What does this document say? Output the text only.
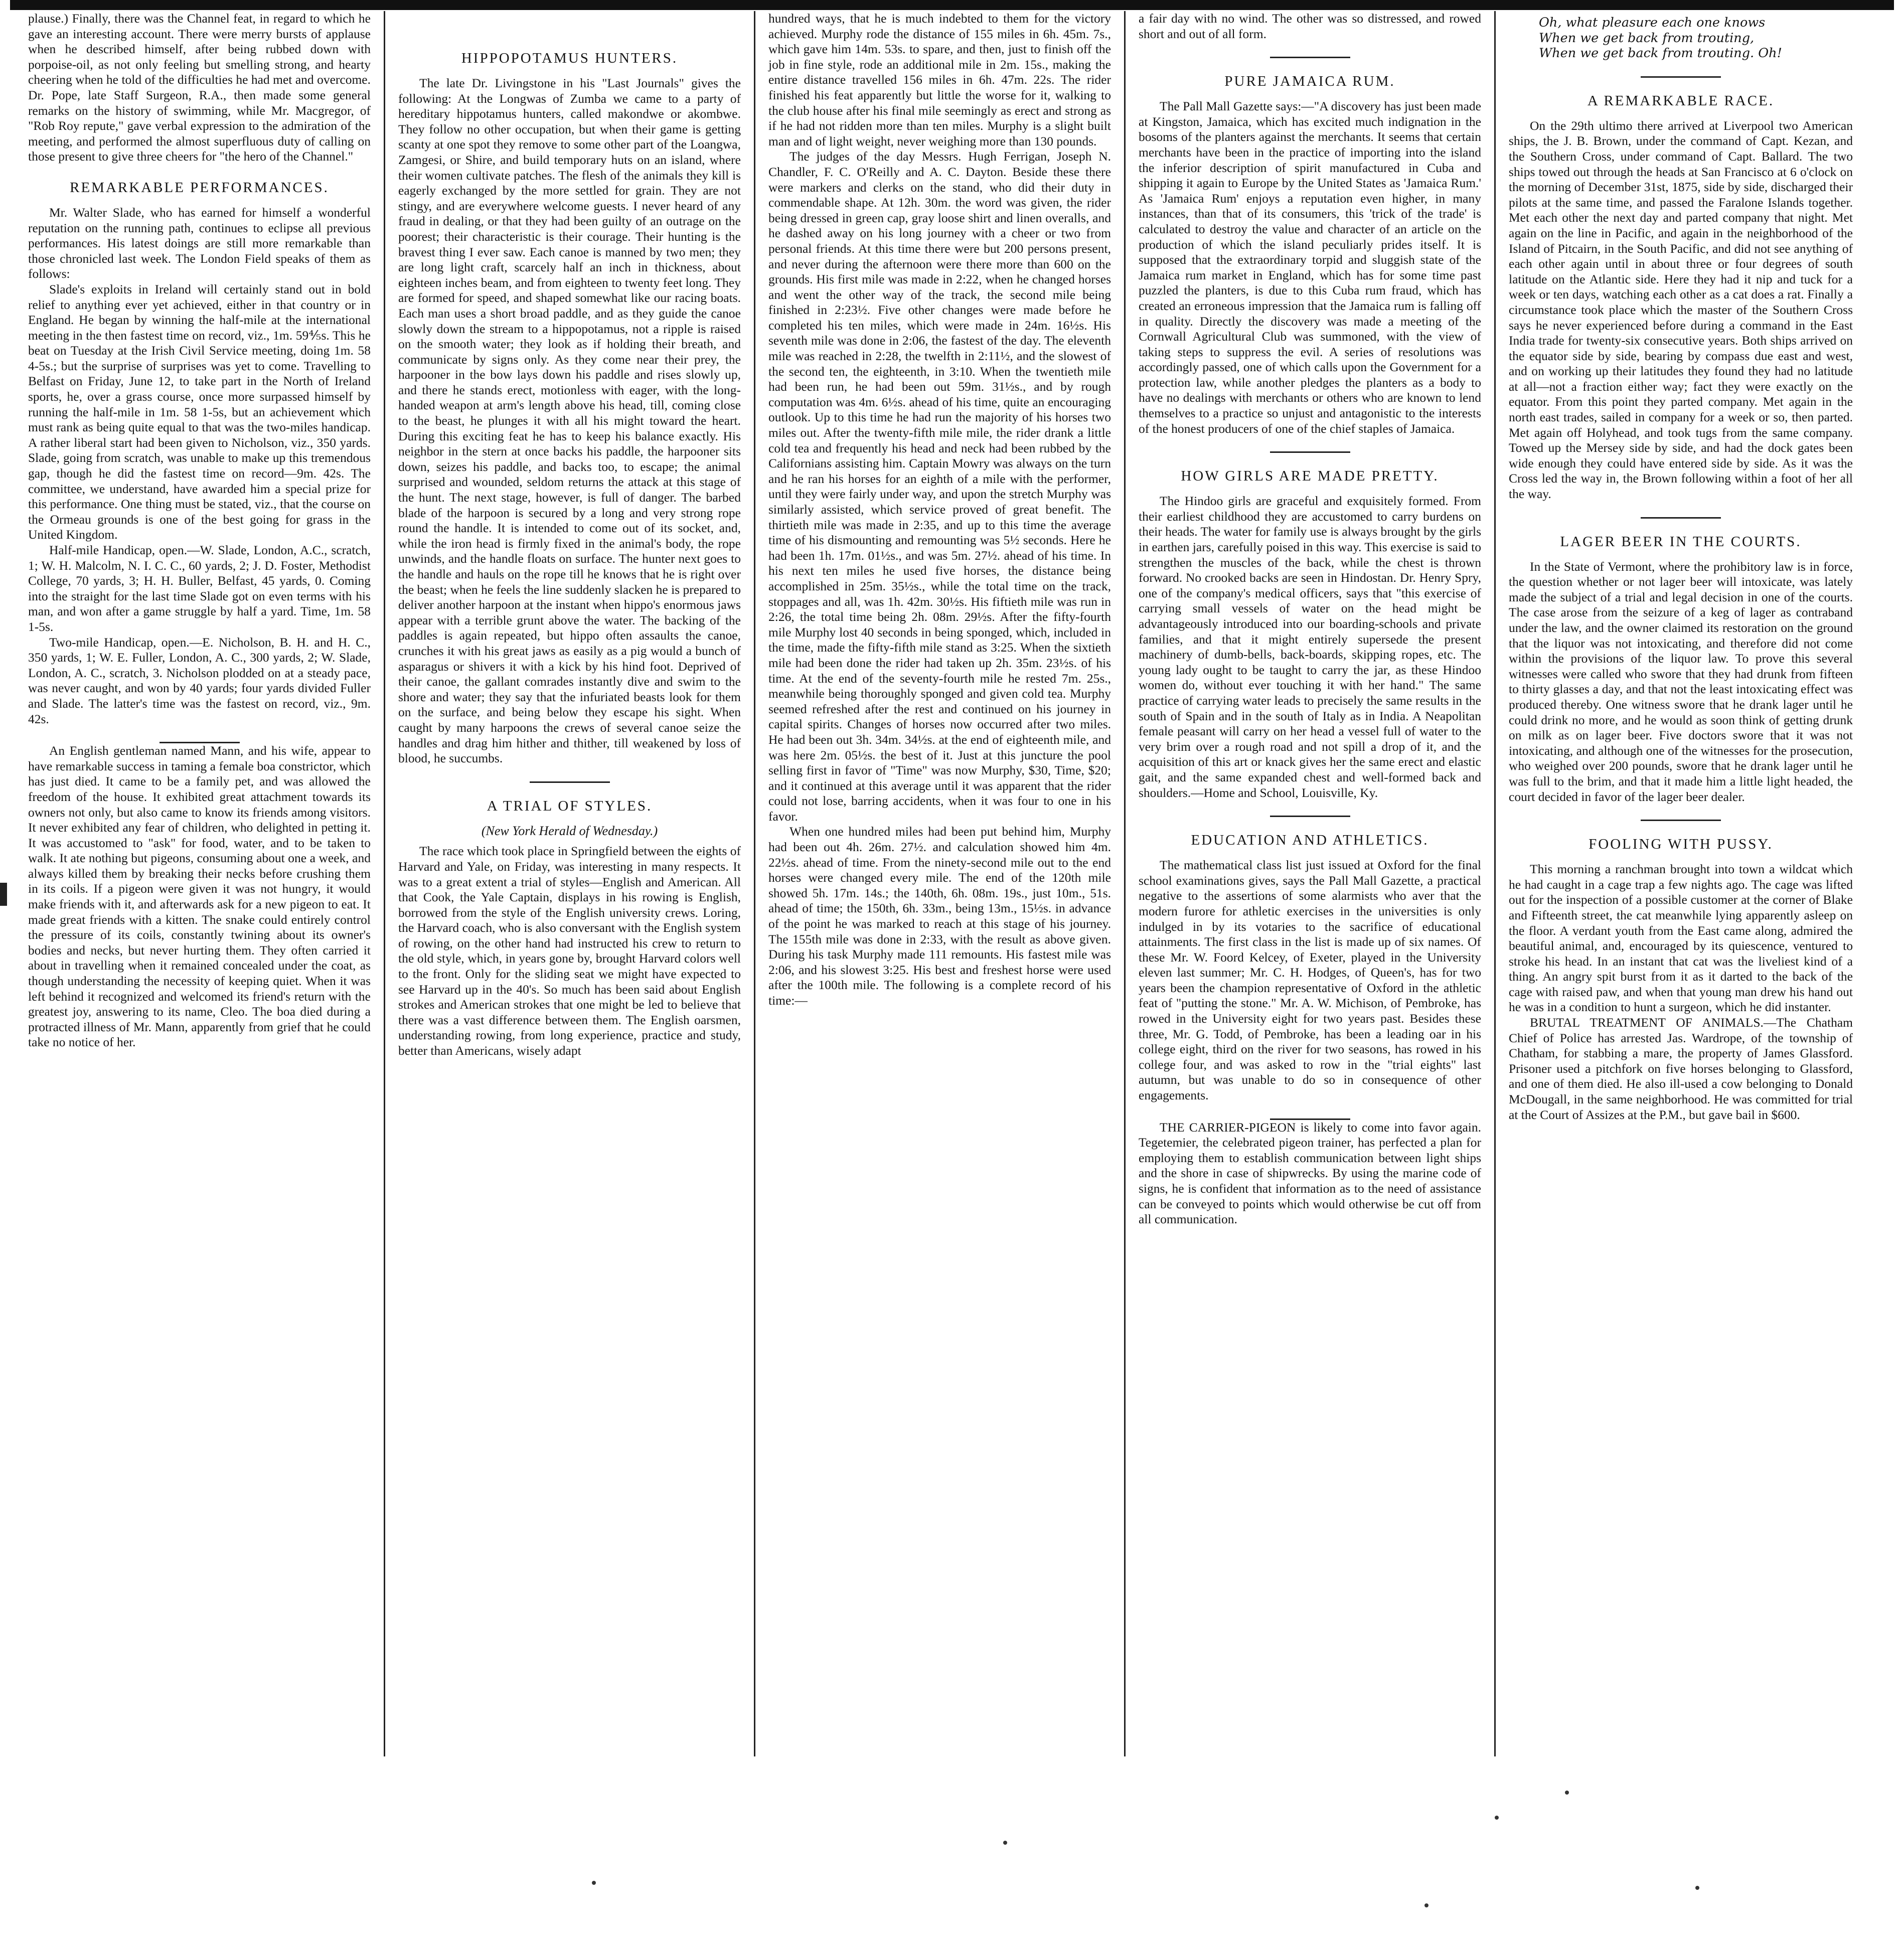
plause.) Finally, there was the Channel feat, in regard to which he gave an interesting account. There were merry bursts of applause when he described himself, after being rubbed down with porpoise-oil, as not only feeling but smelling strong, and hearty cheering when he told of the difficulties he had met and overcome. Dr. Pope, late Staff Surgeon, R.A., then made some general remarks on the history of swimming, while Mr. Macgregor, of "Rob Roy repute," gave verbal expression to the admiration of the meeting, and performed the almost superfluous duty of calling on those present to give three cheers for "the hero of the Channel."

REMARKABLE PERFORMANCES.

Mr. Walter Slade, who has earned for himself a wonderful reputation on the running path, continues to eclipse all previous performances. His latest doings are still more remarkable than those chronicled last week. The London Field speaks of them as follows:

Slade's exploits in Ireland will certainly stand out in bold relief to anything ever yet achieved, either in that country or in England. He began by winning the half-mile at the international meeting in the then fastest time on record, viz., 1m. 59⅘s. This he beat on Tuesday at the Irish Civil Service meeting, doing 1m. 58 4-5s.; but the surprise of surprises was yet to come. Travelling to Belfast on Friday, June 12, to take part in the North of Ireland sports, he, over a grass course, once more surpassed himself by running the half-mile in 1m. 58 1-5s, but an achievement which must rank as being quite equal to that was the two-miles handicap. A rather liberal start had been given to Nicholson, viz., 350 yards. Slade, going from scratch, was unable to make up this tremendous gap, though he did the fastest time on record—9m. 42s. The committee, we understand, have awarded him a special prize for this performance. One thing must be stated, viz., that the course on the Ormeau grounds is one of the best going for grass in the United Kingdom.

Half-mile Handicap, open.—W. Slade, London, A.C., scratch, 1; W. H. Malcolm, N. I. C. C., 60 yards, 2; J. D. Foster, Methodist College, 70 yards, 3; H. H. Buller, Belfast, 45 yards, 0. Coming into the straight for the last time Slade got on even terms with his man, and won after a game struggle by half a yard. Time, 1m. 58 1-5s.

Two-mile Handicap, open.—E. Nicholson, B. H. and H. C., 350 yards, 1; W. E. Fuller, London, A. C., 300 yards, 2; W. Slade, London, A. C., scratch, 3. Nicholson plodded on at a steady pace, was never caught, and won by 40 yards; four yards divided Fuller and Slade. The latter's time was the fastest on record, viz., 9m. 42s.

An English gentleman named Mann, and his wife, appear to have remarkable success in taming a female boa constrictor, which has just died. It came to be a family pet, and was allowed the freedom of the house. It exhibited great attachment towards its owners not only, but also came to know its friends among visitors. It never exhibited any fear of children, who delighted in petting it. It was accustomed to "ask" for food, water, and to be taken to walk. It ate nothing but pigeons, consuming about one a week, and always killed them by breaking their necks before crushing them in its coils. If a pigeon were given it was not hungry, it would make friends with it, and afterwards ask for a new pigeon to eat. It made great friends with a kitten. The snake could entirely control the pressure of its coils, constantly twining about its owner's bodies and necks, but never hurting them. They often carried it about in travelling when it remained concealed under the coat, as though understanding the necessity of keeping quiet. When it was left behind it recognized and welcomed its friend's return with the greatest joy, answering to its name, Cleo. The boa died during a protracted illness of Mr. Mann, apparently from grief that he could take no notice of her.

HIPPOPOTAMUS HUNTERS.

The late Dr. Livingstone in his "Last Journals" gives the following: At the Longwas of Zumba we came to a party of hereditary hippotamus hunters, called makondwe or akombwe. They follow no other occupation, but when their game is getting scanty at one spot they remove to some other part of the Loangwa, Zamgesi, or Shire, and build temporary huts on an island, where their women cultivate patches. The flesh of the animals they kill is eagerly exchanged by the more settled for grain. They are not stingy, and are everywhere welcome guests. I never heard of any fraud in dealing, or that they had been guilty of an outrage on the poorest; their characteristic is their courage. Their hunting is the bravest thing I ever saw. Each canoe is manned by two men; they are long light craft, scarcely half an inch in thickness, about eighteen inches beam, and from eighteen to twenty feet long. They are formed for speed, and shaped somewhat like our racing boats. Each man uses a short broad paddle, and as they guide the canoe slowly down the stream to a hippopotamus, not a ripple is raised on the smooth water; they look as if holding their breath, and communicate by signs only. As they come near their prey, the harpooner in the bow lays down his paddle and rises slowly up, and there he stands erect, motionless with eager, with the long-handed weapon at arm's length above his head, till, coming close to the beast, he plunges it with all his might toward the heart. During this exciting feat he has to keep his balance exactly. His neighbor in the stern at once backs his paddle, the harpooner sits down, seizes his paddle, and backs too, to escape; the animal surprised and wounded, seldom returns the attack at this stage of the hunt. The next stage, however, is full of danger. The barbed blade of the harpoon is secured by a long and very strong rope round the handle. It is intended to come out of its socket, and, while the iron head is firmly fixed in the animal's body, the rope unwinds, and the handle floats on surface. The hunter next goes to the handle and hauls on the rope till he knows that he is right over the beast; when he feels the line suddenly slacken he is prepared to deliver another harpoon at the instant when hippo's enormous jaws appear with a terrible grunt above the water. The backing of the paddles is again repeated, but hippo often assaults the canoe, crunches it with his great jaws as easily as a pig would a bunch of asparagus or shivers it with a kick by his hind foot. Deprived of their canoe, the gallant comrades instantly dive and swim to the shore and water; they say that the infuriated beasts look for them on the surface, and being below they escape his sight. When caught by many harpoons the crews of several canoe seize the handles and drag him hither and thither, till weakened by loss of blood, he succumbs.

A TRIAL OF STYLES.

(New York Herald of Wednesday.)

The race which took place in Springfield between the eights of Harvard and Yale, on Friday, was interesting in many respects. It was to a great extent a trial of styles—English and American. All that Cook, the Yale Captain, displays in his rowing is English, borrowed from the style of the English university crews. Loring, the Harvard coach, who is also conversant with the English system of rowing, on the other hand had instructed his crew to return to the old style, which, in years gone by, brought Harvard colors well to the front. Only for the sliding seat we might have expected to see Harvard up in the 40's. So much has been said about English strokes and American strokes that one might be led to believe that there was a vast difference between them. The English oarsmen, understanding rowing, from long experience, practice and study, better than Americans, wisely adapt

hundred ways, that he is much indebted to them for the victory achieved. Murphy rode the distance of 155 miles in 6h. 45m. 7s., which gave him 14m. 53s. to spare, and then, just to finish off the job in fine style, rode an additional mile in 2m. 15s., making the entire distance travelled 156 miles in 6h. 47m. 22s. The rider finished his feat apparently but little the worse for it, walking to the club house after his final mile seemingly as erect and strong as if he had not ridden more than ten miles. Murphy is a slight built man and of light weight, never weighing more than 130 pounds.

The judges of the day Messrs. Hugh Ferrigan, Joseph N. Chandler, F. C. O'Reilly and A. C. Dayton. Beside these there were markers and clerks on the stand, who did their duty in commendable shape. At 12h. 30m. the word was given, the rider being dressed in green cap, gray loose shirt and linen overalls, and he dashed away on his long journey with a cheer or two from personal friends. At this time there were but 200 persons present, and never during the afternoon were there more than 600 on the grounds. His first mile was made in 2:22, when he changed horses and went the other way of the track, the second mile being finished in 2:23½. Five other changes were made before he completed his ten miles, which were made in 24m. 16½s. His seventh mile was done in 2:06, the fastest of the day. The eleventh mile was reached in 2:28, the twelfth in 2:11½, and the slowest of the second ten, the eighteenth, in 3:10. When the twentieth mile had been run, he had been out 59m. 31½s., and by rough computation was 4m. 6½s. ahead of his time, quite an encouraging outlook. Up to this time he had run the majority of his horses two miles out. After the twenty-fifth mile mile, the rider drank a little cold tea and frequently his head and neck had been rubbed by the Californians assisting him. Captain Mowry was always on the turn and he ran his horses for an eighth of a mile with the performer, until they were fairly under way, and upon the stretch Murphy was similarly assisted, which service proved of great benefit. The thirtieth mile was made in 2:35, and up to this time the average time of his dismounting and remounting was 5½ seconds. Here he had been 1h. 17m. 01½s., and was 5m. 27½. ahead of his time. In his next ten miles he used five horses, the distance being accomplished in 25m. 35½s., while the total time on the track, stoppages and all, was 1h. 42m. 30½s. His fiftieth mile was run in 2:26, the total time being 2h. 08m. 29½s. After the fifty-fourth mile Murphy lost 40 seconds in being sponged, which, included in the time, made the fifty-fifth mile stand as 3:25. When the sixtieth mile had been done the rider had taken up 2h. 35m. 23½s. of his time. At the end of the seventy-fourth mile he rested 7m. 25s., meanwhile being thoroughly sponged and given cold tea. Murphy seemed refreshed after the rest and continued on his journey in capital spirits. Changes of horses now occurred after two miles. He had been out 3h. 34m. 34½s. at the end of eighteenth mile, and was here 2m. 05½s. the best of it. Just at this juncture the pool selling first in favor of "Time" was now Murphy, $30, Time, $20; and it continued at this average until it was apparent that the rider could not lose, barring accidents, when it was four to one in his favor.

When one hundred miles had been put behind him, Murphy had been out 4h. 26m. 27½. and calculation showed him 4m. 22½s. ahead of time. From the ninety-second mile out to the end horses were changed every mile. The end of the 120th mile showed 5h. 17m. 14s.; the 140th, 6h. 08m. 19s., just 10m., 51s. ahead of time; the 150th, 6h. 33m., being 13m., 15½s. in advance of the point he was marked to reach at this stage of his journey. The 155th mile was done in 2:33, with the result as above given. During his task Murphy made 111 remounts. His fastest mile was 2:06, and his slowest 3:25. His best and freshest horse were used after the 100th mile. The following is a complete record of his time:—

a fair day with no wind. The other was so distressed, and rowed short and out of all form.

PURE JAMAICA RUM.

The Pall Mall Gazette says:—"A discovery has just been made at Kingston, Jamaica, which has excited much indignation in the bosoms of the planters against the merchants. It seems that certain merchants have been in the practice of importing into the island the inferior description of spirit manufactured in Cuba and shipping it again to Europe by the United States as 'Jamaica Rum.' As 'Jamaica Rum' enjoys a reputation even higher, in many instances, than that of its consumers, this 'trick of the trade' is calculated to destroy the value and character of an article on the production of which the island peculiarly prides itself. It is supposed that the extraordinary torpid and sluggish state of the Jamaica rum market in England, which has for some time past puzzled the planters, is due to this Cuba rum fraud, which has created an erroneous impression that the Jamaica rum is falling off in quality. Directly the discovery was made a meeting of the Cornwall Agricultural Club was summoned, with the view of taking steps to suppress the evil. A series of resolutions was accordingly passed, one of which calls upon the Government for a protection law, while another pledges the planters as a body to have no dealings with merchants or others who are known to lend themselves to a practice so unjust and antagonistic to the interests of the honest producers of one of the chief staples of Jamaica.

HOW GIRLS ARE MADE PRETTY.

The Hindoo girls are graceful and exquisitely formed. From their earliest childhood they are accustomed to carry burdens on their heads. The water for family use is always brought by the girls in earthen jars, carefully poised in this way. This exercise is said to strengthen the muscles of the back, while the chest is thrown forward. No crooked backs are seen in Hindostan. Dr. Henry Spry, one of the company's medical officers, says that "this exercise of carrying small vessels of water on the head might be advantageously introduced into our boarding-schools and private families, and that it might entirely supersede the present machinery of dumb-bells, back-boards, skipping ropes, etc. The young lady ought to be taught to carry the jar, as these Hindoo women do, without ever touching it with her hand." The same practice of carrying water leads to precisely the same results in the south of Spain and in the south of Italy as in India. A Neapolitan female peasant will carry on her head a vessel full of water to the very brim over a rough road and not spill a drop of it, and the acquisition of this art or knack gives her the same erect and elastic gait, and the same expanded chest and well-formed back and shoulders.—Home and School, Louisville, Ky.

EDUCATION AND ATHLETICS.

The mathematical class list just issued at Oxford for the final school examinations gives, says the Pall Mall Gazette, a practical negative to the assertions of some alarmists who aver that the modern furore for athletic exercises in the universities is only indulged in by its votaries to the sacrifice of educational attainments. The first class in the list is made up of six names. Of these Mr. W. Foord Kelcey, of Exeter, played in the University eleven last summer; Mr. C. H. Hodges, of Queen's, has for two years been the champion representative of Oxford in the athletic feat of "putting the stone." Mr. A. W. Michison, of Pembroke, has rowed in the University eight for two years past. Besides these three, Mr. G. Todd, of Pembroke, has been a leading oar in his college eight, third on the river for two seasons, has rowed in his college four, and was asked to row in the "trial eights" last autumn, but was unable to do so in consequence of other engagements.

THE CARRIER-PIGEON is likely to come into favor again. Tegetemier, the celebrated pigeon trainer, has perfected a plan for employing them to establish communication between light ships and the shore in case of shipwrecks. By using the marine code of signs, he is confident that information as to the need of assistance can be conveyed to points which would otherwise be cut off from all communication.

Oh, what pleasure each one knows
When we get back from trouting,
When we get back from trouting. Oh!
A REMARKABLE RACE.

On the 29th ultimo there arrived at Liverpool two American ships, the J. B. Brown, under the command of Capt. Kezan, and the Southern Cross, under command of Capt. Ballard. The two ships towed out through the heads at San Francisco at 6 o'clock on the morning of December 31st, 1875, side by side, discharged their pilots at the same time, and passed the Faralone Islands together. Met each other the next day and parted company that night. Met again on the line in Pacific, and again in the neighborhood of the Island of Pitcairn, in the South Pacific, and did not see anything of each other again until in about three or four degrees of south latitude on the Atlantic side. Here they had it nip and tuck for a week or ten days, watching each other as a cat does a rat. Finally a circumstance took place which the master of the Southern Cross says he never experienced before during a command in the East India trade for twenty-six consecutive years. Both ships arrived on the equator side by side, bearing by compass due east and west, and on working up their latitudes they found they had no latitude at all—not a fraction either way; fact they were exactly on the equator. From this point they parted company. Met again in the north east trades, sailed in company for a week or so, then parted. Met again off Holyhead, and took tugs from the same company. Towed up the Mersey side by side, and had the dock gates been wide enough they could have entered side by side. As it was the Cross led the way in, the Brown following within a foot of her all the way.

LAGER BEER IN THE COURTS.

In the State of Vermont, where the prohibitory law is in force, the question whether or not lager beer will intoxicate, was lately made the subject of a trial and legal decision in one of the courts. The case arose from the seizure of a keg of lager as contraband under the law, and the owner claimed its restoration on the ground that the liquor was not intoxicating, and therefore did not come within the provisions of the liquor law. To prove this several witnesses were called who swore that they had drunk from fifteen to thirty glasses a day, and that not the least intoxicating effect was produced thereby. One witness swore that he drank lager until he could drink no more, and he would as soon think of getting drunk on milk as on lager beer. Five doctors swore that it was not intoxicating, and although one of the witnesses for the prosecution, who weighed over 200 pounds, swore that he drank lager until he was full to the brim, and that it made him a little light headed, the court decided in favor of the lager beer dealer.

FOOLING WITH PUSSY.

This morning a ranchman brought into town a wildcat which he had caught in a cage trap a few nights ago. The cage was lifted out for the inspection of a possible customer at the corner of Blake and Fifteenth street, the cat meanwhile lying apparently asleep on the floor. A verdant youth from the East came along, admired the beautiful animal, and, encouraged by its quiescence, ventured to stroke his head. In an instant that cat was the liveliest kind of a thing. An angry spit burst from it as it darted to the back of the cage with raised paw, and when that young man drew his hand out he was in a condition to hunt a surgeon, which he did instanter.

BRUTAL TREATMENT OF ANIMALS.—The Chatham Chief of Police has arrested Jas. Wardrope, of the township of Chatham, for stabbing a mare, the property of James Glassford. Prisoner used a pitchfork on five horses belonging to Glassford, and one of them died. He also ill-used a cow belonging to Donald McDougall, in the same neighborhood. He was committed for trial at the Court of Assizes at the P.M., but gave bail in $600.
